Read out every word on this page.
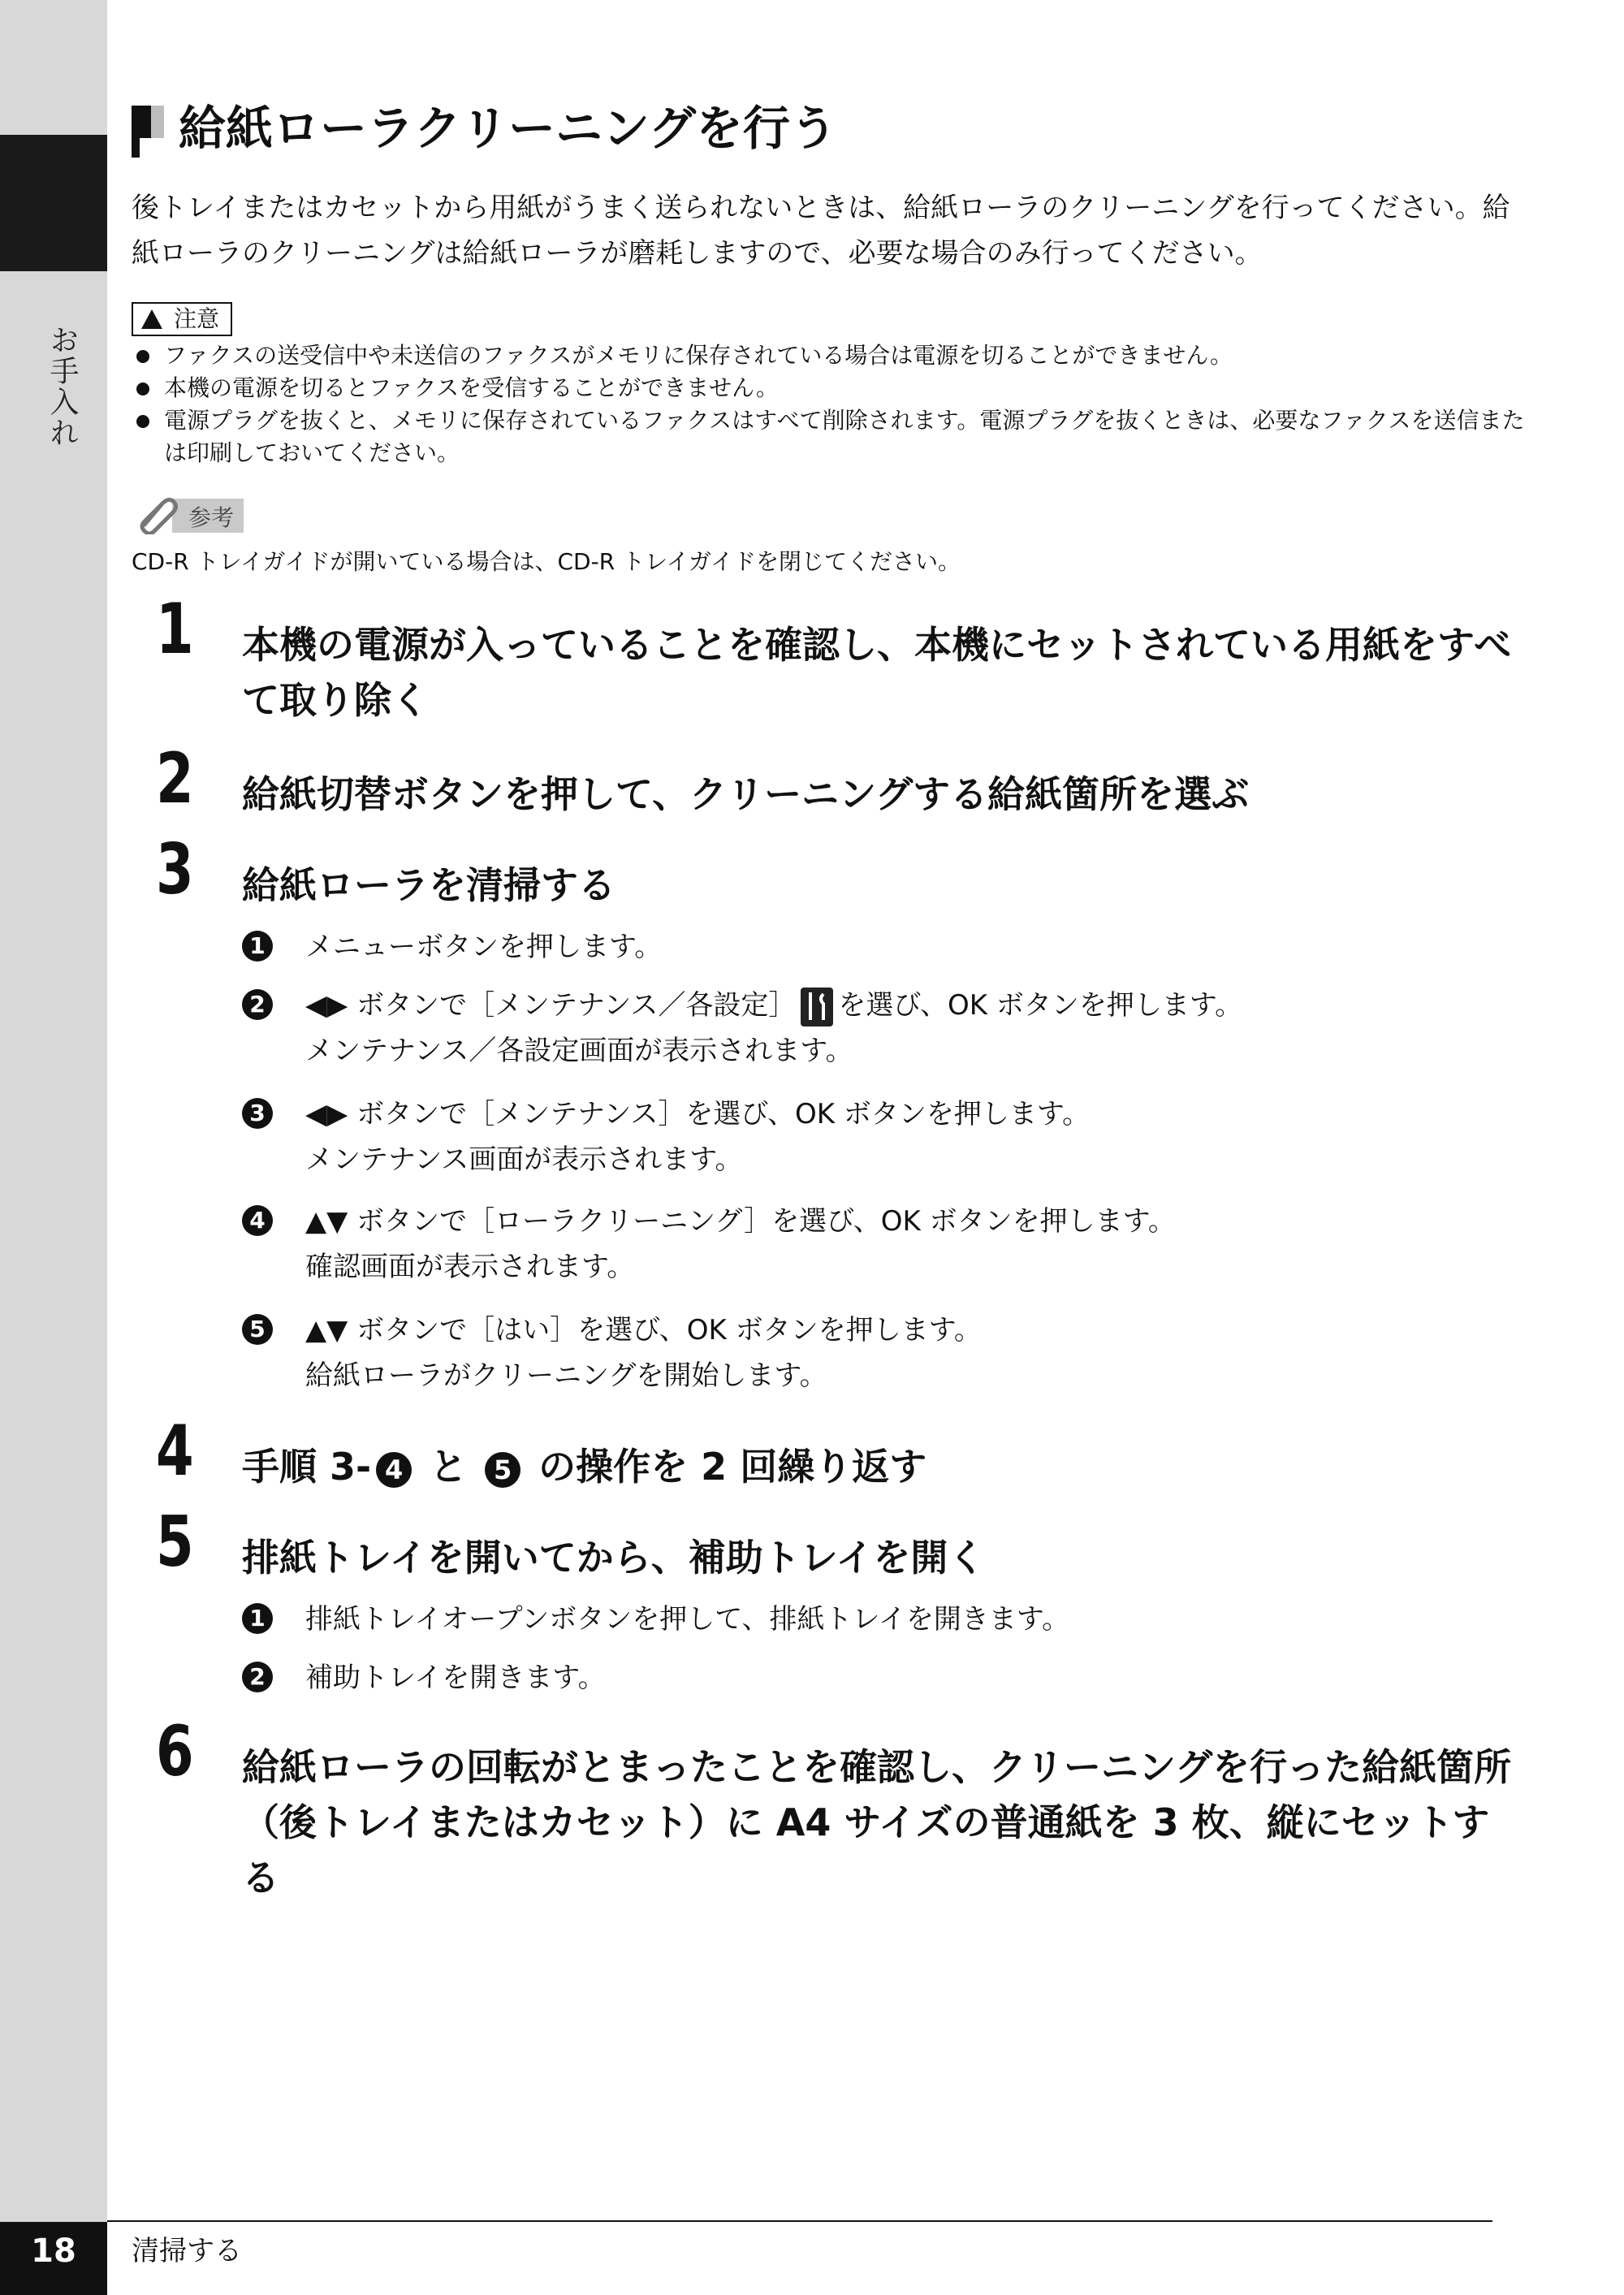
お手入れ
給紙ローラクリーニングを行う
後トレイまたはカセットから用紙がうまく送られないときは、給紙ローラのクリーニングを行ってください。給紙ローラのクリーニングは給紙ローラが磨耗しますので、必要な場合のみ行ってください。
注意
ファクスの送受信中や未送信のファクスがメモリに保存されている場合は電源を切ることができません。
本機の電源を切るとファクスを受信することができません。
電源プラグを抜くと、メモリに保存されているファクスはすべて削除されます。電源プラグを抜くときは、必要なファクスを送信または印刷しておいてください。
参考
CD-R トレイガイドが開いている場合は、CD-R トレイガイドを閉じてください。
1 本機の電源が入っていることを確認し、本機にセットされている用紙をすべて取り除く
2 給紙切替ボタンを押して、クリーニングする給紙箇所を選ぶ
3 給紙ローラを清掃する
1 メニューボタンを押します。
2 ◀▶ ボタンで［メンテナンス／各設定］ を選び、OK ボタンを押します。
メンテナンス／各設定画面が表示されます。
3 ◀▶ ボタンで［メンテナンス］を選び、OK ボタンを押します。
メンテナンス画面が表示されます。
4 ▲▼ ボタンで［ローラクリーニング］を選び、OK ボタンを押します。
確認画面が表示されます。
5 ▲▼ ボタンで［はい］を選び、OK ボタンを押します。
給紙ローラがクリーニングを開始します。
4 手順 3- 4 と 5 の操作を 2 回繰り返す
5 排紙トレイを開いてから、補助トレイを開く
1 排紙トレイオープンボタンを押して、排紙トレイを開きます。
2 補助トレイを開きます。
6 給紙ローラの回転がとまったことを確認し、クリーニングを行った給紙箇所（後トレイまたはカセット）に A4 サイズの普通紙を 3 枚、縦にセットする
18	清掃する
